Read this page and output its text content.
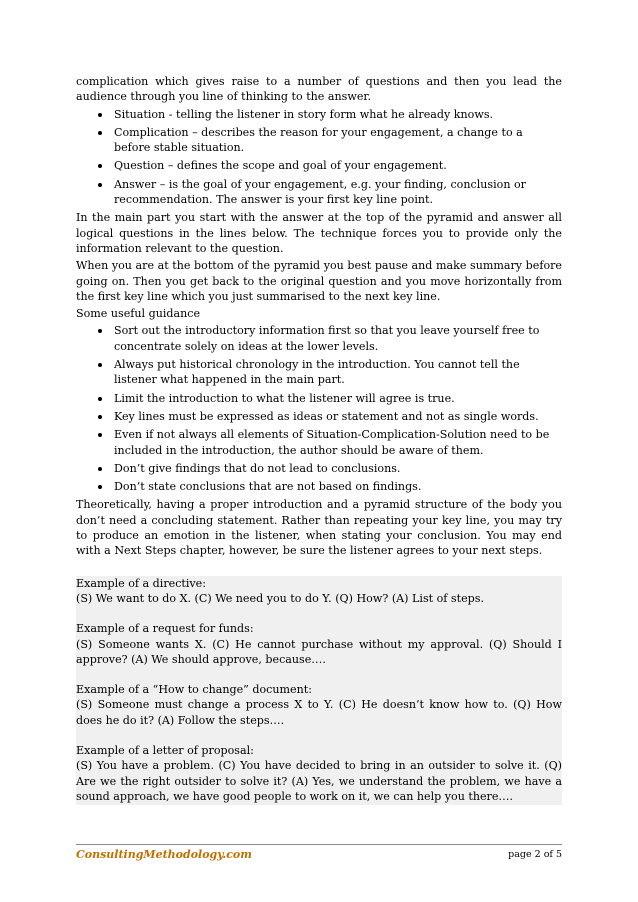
complication which gives raise to a number of questions and then you lead the audience through you line of thinking to the answer.

Situation - telling the listener in story form what he already knows.
Complication – describes the reason for your engagement, a change to a before stable situation.
Question – defines the scope and goal of your engagement.
Answer – is the goal of your engagement, e.g. your finding, conclusion or recommendation. The answer is your first key line point.

In the main part you start with the answer at the top of the pyramid and answer all logical questions in the lines below. The technique forces you to provide only the information relevant to the question.

When you are at the bottom of the pyramid you best pause and make summary before going on. Then you get back to the original question and you move horizontally from the first key line which you just summarised to the next key line.

Some useful guidance

Sort out the introductory information first so that you leave yourself free to concentrate solely on ideas at the lower levels.
Always put historical chronology in the introduction. You cannot tell the listener what happened in the main part.
Limit the introduction to what the listener will agree is true.
Key lines must be expressed as ideas or statement and not as single words.
Even if not always all elements of Situation-Complication-Solution need to be included in the introduction, the author should be aware of them.
Don’t give findings that do not lead to conclusions.
Don’t state conclusions that are not based on findings.

Theoretically, having a proper introduction and a pyramid structure of the body you don’t need a concluding statement. Rather than repeating your key line, you may try to produce an emotion in the listener, when stating your conclusion. You may end with a Next Steps chapter, however, be sure the listener agrees to your next steps.

Example of a directive:

(S) We want to do X. (C) We need you to do Y. (Q) How? (A) List of steps.

Example of a request for funds:

(S) Someone wants X. (C) He cannot purchase without my approval. (Q) Should I approve? (A) We should approve, because….

Example of a “How to change” document:

(S) Someone must change a process X to Y. (C) He doesn’t know how to. (Q) How does he do it? (A) Follow the steps….

Example of a letter of proposal:

(S) You have a problem. (C) You have decided to bring in an outsider to solve it. (Q) Are we the right outsider to solve it? (A) Yes, we understand the problem, we have a sound approach, we have good people to work on it, we can help you there….

ConsultingMethodology.com	page 2 of 5
